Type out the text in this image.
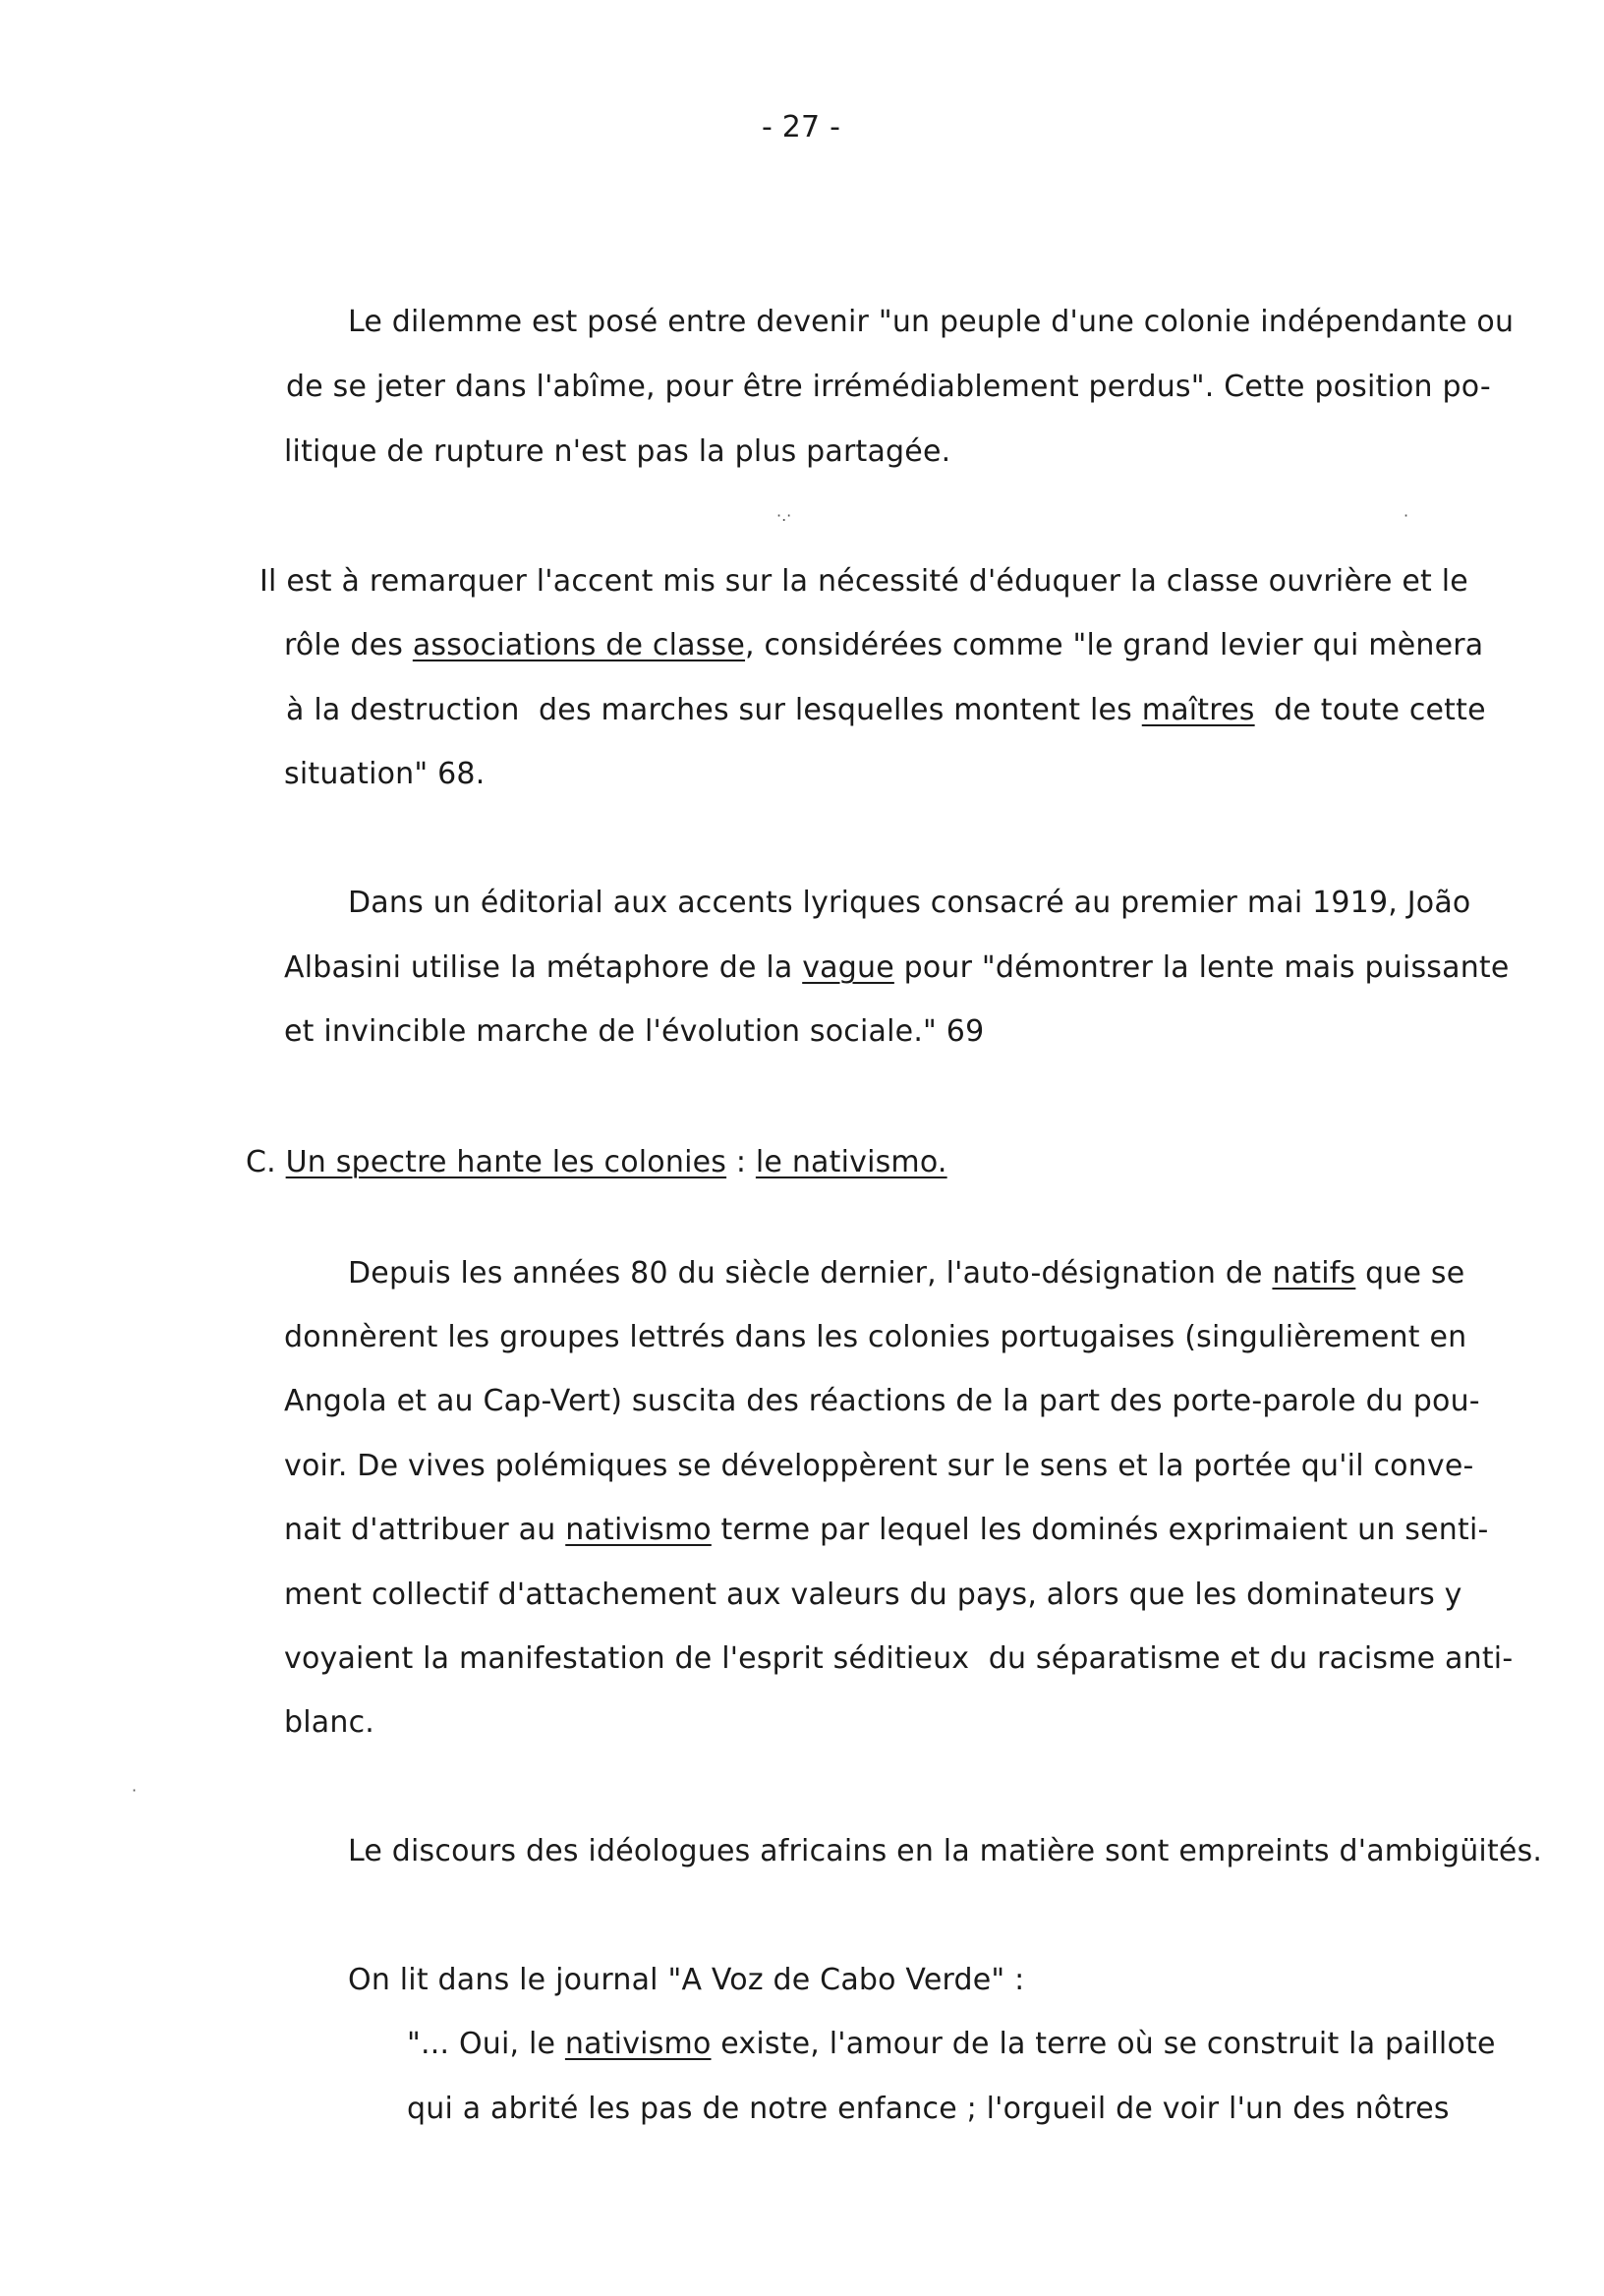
- 27 -
Le dilemme est posé entre devenir "un peuple d'une colonie indépendante ou
de se jeter dans l'abîme, pour être irrémédiablement perdus". Cette position po-
litique de rupture n'est pas la plus partagée.
·.·	·
Il est à remarquer l'accent mis sur la nécessité d'éduquer la classe ouvrière et le
rôle des associations de classe, considérées comme "le grand levier qui mènera
à la destruction  des marches sur lesquelles montent les maîtres  de toute cette
situation" 68.
Dans un éditorial aux accents lyriques consacré au premier mai 1919, João
Albasini utilise la métaphore de la vague pour "démontrer la lente mais puissante
et invincible marche de l'évolution sociale." 69
C. Un spectre hante les colonies : le nativismo.
Depuis les années 80 du siècle dernier, l'auto-désignation de natifs que se
donnèrent les groupes lettrés dans les colonies portugaises (singulièrement en
Angola et au Cap-Vert) suscita des réactions de la part des porte-parole du pou-
voir. De vives polémiques se développèrent sur le sens et la portée qu'il conve-
nait d'attribuer au nativismo terme par lequel les dominés exprimaient un senti-
ment collectif d'attachement aux valeurs du pays, alors que les dominateurs y
voyaient la manifestation de l'esprit séditieux  du séparatisme et du racisme anti-
blanc.
·
Le discours des idéologues africains en la matière sont empreints d'ambigüités.
On lit dans le journal "A Voz de Cabo Verde" :
"... Oui, le nativismo existe, l'amour de la terre où se construit la paillote
qui a abrité les pas de notre enfance ; l'orgueil de voir l'un des nôtres
